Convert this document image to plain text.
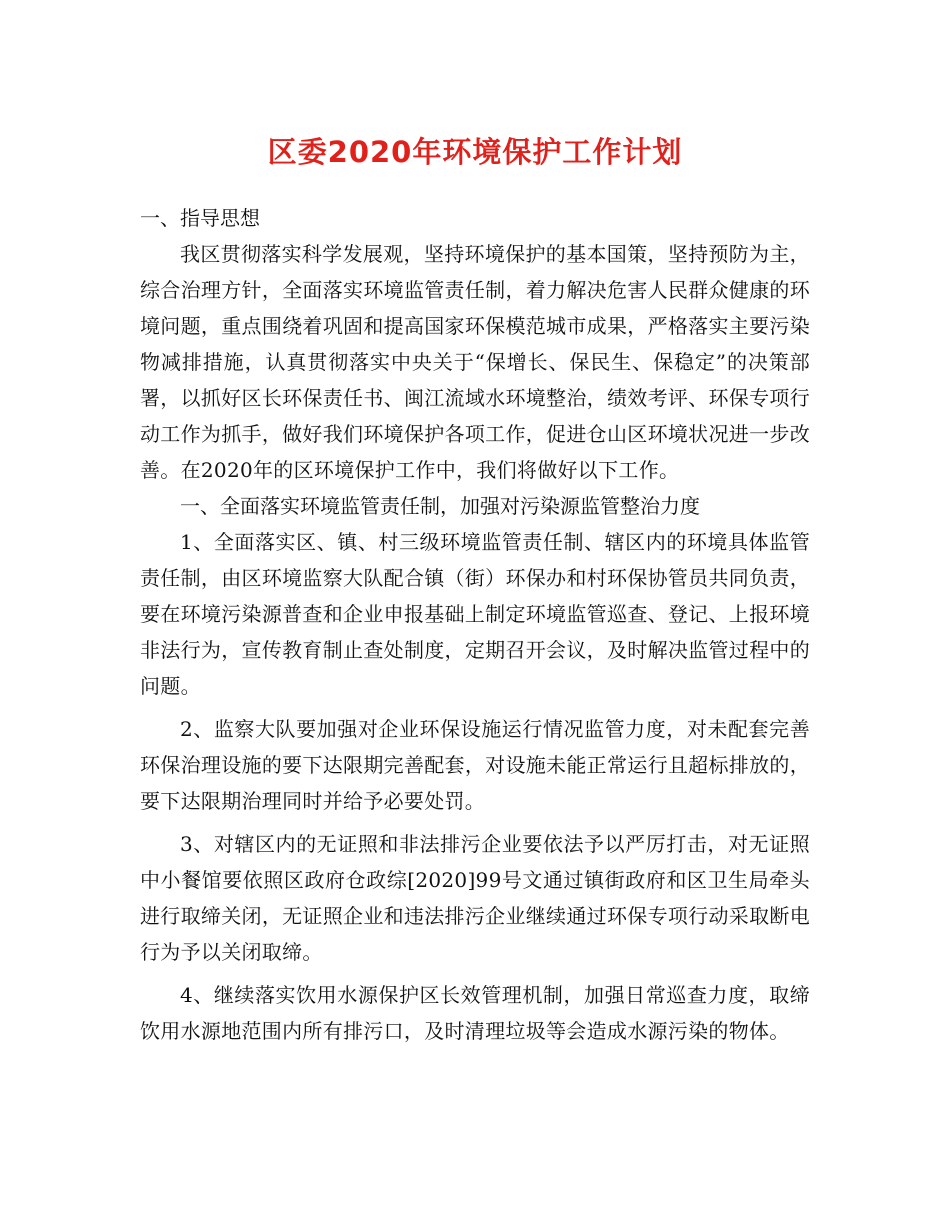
区委2020年环境保护工作计划

一、指导思想

我区贯彻落实科学发展观，坚持环境保护的基本国策，坚持预防为主，综合治理方针，全面落实环境监管责任制，着力解决危害人民群众健康的环境问题，重点围绕着巩固和提高国家环保模范城市成果，严格落实主要污染物减排措施，认真贯彻落实中央关于“保增长、保民生、保稳定”的决策部署，以抓好区长环保责任书、闽江流域水环境整治，绩效考评、环保专项行动工作为抓手，做好我们环境保护各项工作，促进仓山区环境状况进一步改善。在2020年的区环境保护工作中，我们将做好以下工作。

一、全面落实环境监管责任制，加强对污染源监管整治力度

1、全面落实区、镇、村三级环境监管责任制、辖区内的环境具体监管责任制，由区环境监察大队配合镇（街）环保办和村环保协管员共同负责，要在环境污染源普查和企业申报基础上制定环境监管巡查、登记、上报环境非法行为，宣传教育制止查处制度，定期召开会议，及时解决监管过程中的问题。

2、监察大队要加强对企业环保设施运行情况监管力度，对未配套完善环保治理设施的要下达限期完善配套，对设施未能正常运行且超标排放的，要下达限期治理同时并给予必要处罚。

3、对辖区内的无证照和非法排污企业要依法予以严厉打击，对无证照中小餐馆要依照区政府仓政综[2020]99号文通过镇街政府和区卫生局牵头进行取缔关闭，无证照企业和违法排污企业继续通过环保专项行动采取断电行为予以关闭取缔。

4、继续落实饮用水源保护区长效管理机制，加强日常巡查力度，取缔饮用水源地范围内所有排污口，及时清理垃圾等会造成水源污染的物体。
